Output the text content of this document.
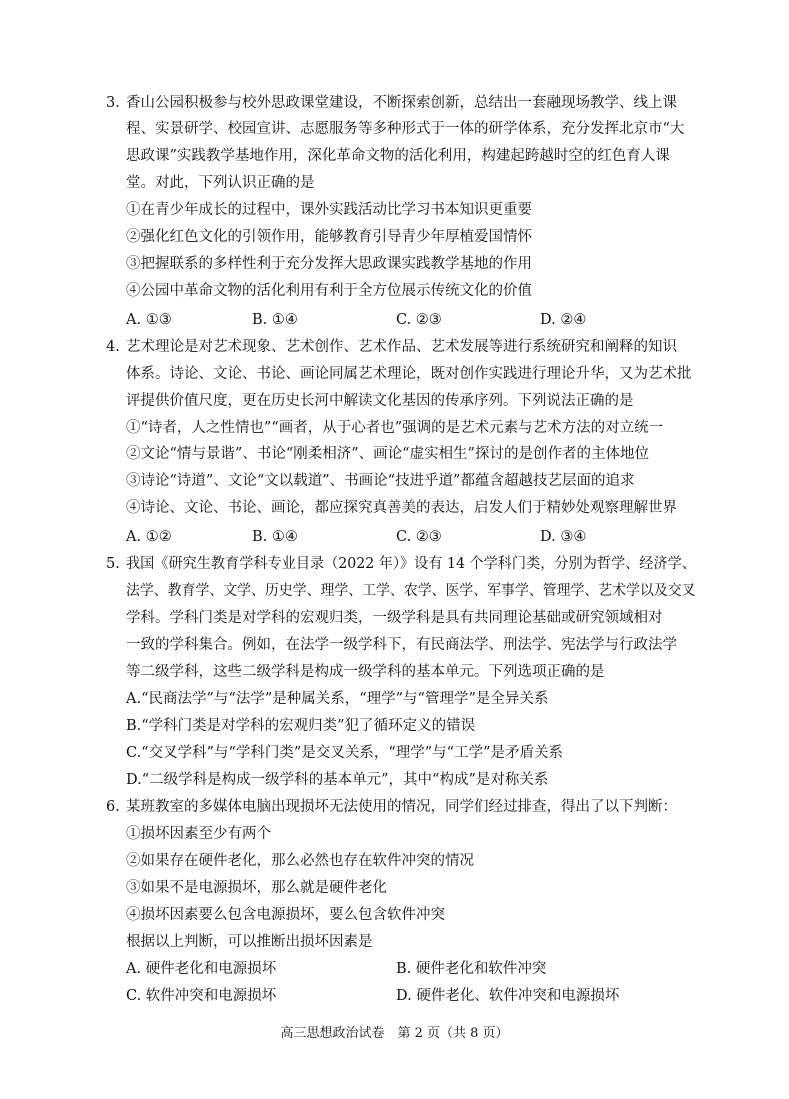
3. 香山公园积极参与校外思政课堂建设，不断探索创新，总结出一套融现场教学、线上课
程、实景研学、校园宣讲、志愿服务等多种形式于一体的研学体系，充分发挥北京市“大
思政课”实践教学基地作用，深化革命文物的活化利用，构建起跨越时空的红色育人课
堂。对此，下列认识正确的是
①在青少年成长的过程中，课外实践活动比学习书本知识更重要
②强化红色文化的引领作用，能够教育引导青少年厚植爱国情怀
③把握联系的多样性利于充分发挥大思政课实践教学基地的作用
④公园中革命文物的活化利用有利于全方位展示传统文化的价值
A. ①③	B. ①④	C. ②③	D. ②④
4. 艺术理论是对艺术现象、艺术创作、艺术作品、艺术发展等进行系统研究和阐释的知识
体系。诗论、文论、书论、画论同属艺术理论，既对创作实践进行理论升华，又为艺术批
评提供价值尺度，更在历史长河中解读文化基因的传承序列。下列说法正确的是
①“诗者，人之性情也”“画者，从于心者也”强调的是艺术元素与艺术方法的对立统一
②文论“情与景谐”、书论“刚柔相济”、画论“虚实相生”探讨的是创作者的主体地位
③诗论“诗道”、文论“文以载道”、书画论“技进乎道”都蕴含超越技艺层面的追求
④诗论、文论、书论、画论，都应探究真善美的表达，启发人们于精妙处观察理解世界
A. ①②	B. ①④	C. ②③	D. ③④
5. 我国《研究生教育学科专业目录（2022 年）》设有 14 个学科门类，分别为哲学、经济学、
法学、教育学、文学、历史学、理学、工学、农学、医学、军事学、管理学、艺术学以及交叉
学科。学科门类是对学科的宏观归类，一级学科是具有共同理论基础或研究领域相对
一致的学科集合。例如，在法学一级学科下，有民商法学、刑法学、宪法学与行政法学
等二级学科，这些二级学科是构成一级学科的基本单元。下列选项正确的是
A.“民商法学”与“法学”是种属关系，“理学”与“管理学”是全异关系
B.“学科门类是对学科的宏观归类”犯了循环定义的错误
C.“交叉学科”与“学科门类”是交叉关系，“理学”与“工学”是矛盾关系
D.“二级学科是构成一级学科的基本单元”，其中“构成”是对称关系
6. 某班教室的多媒体电脑出现损坏无法使用的情况，同学们经过排查，得出了以下判断：
①损坏因素至少有两个
②如果存在硬件老化，那么必然也存在软件冲突的情况
③如果不是电源损坏，那么就是硬件老化
④损坏因素要么包含电源损坏，要么包含软件冲突
根据以上判断，可以推断出损坏因素是
A. 硬件老化和电源损坏	B. 硬件老化和软件冲突
C. 软件冲突和电源损坏	D. 硬件老化、软件冲突和电源损坏
高三思想政治试卷　第 2 页（共 8 页）
